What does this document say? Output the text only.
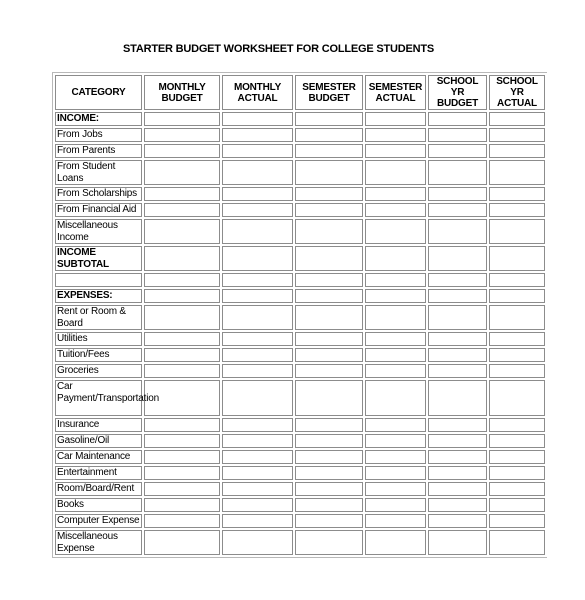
STARTER BUDGET WORKSHEET FOR COLLEGE STUDENTS
CATEGORY	MONTHLY BUDGET	MONTHLY ACTUAL	SEMESTER BUDGET	SEMESTER ACTUAL	SCHOOL YR BUDGET	SCHOOL YR ACTUAL
INCOME:						
From Jobs						
From Parents						
From Student Loans						
From Scholarships						
From Financial Aid						
Miscellaneous Income						
INCOME SUBTOTAL						

EXPENSES:						
Rent or Room & Board						
Utilities						
Tuition/Fees						
Groceries						
Car Payment/Transportation						
Insurance						
Gasoline/Oil						
Car Maintenance						
Entertainment						
Room/Board/Rent						
Books						
Computer Expense						
Miscellaneous Expense						
